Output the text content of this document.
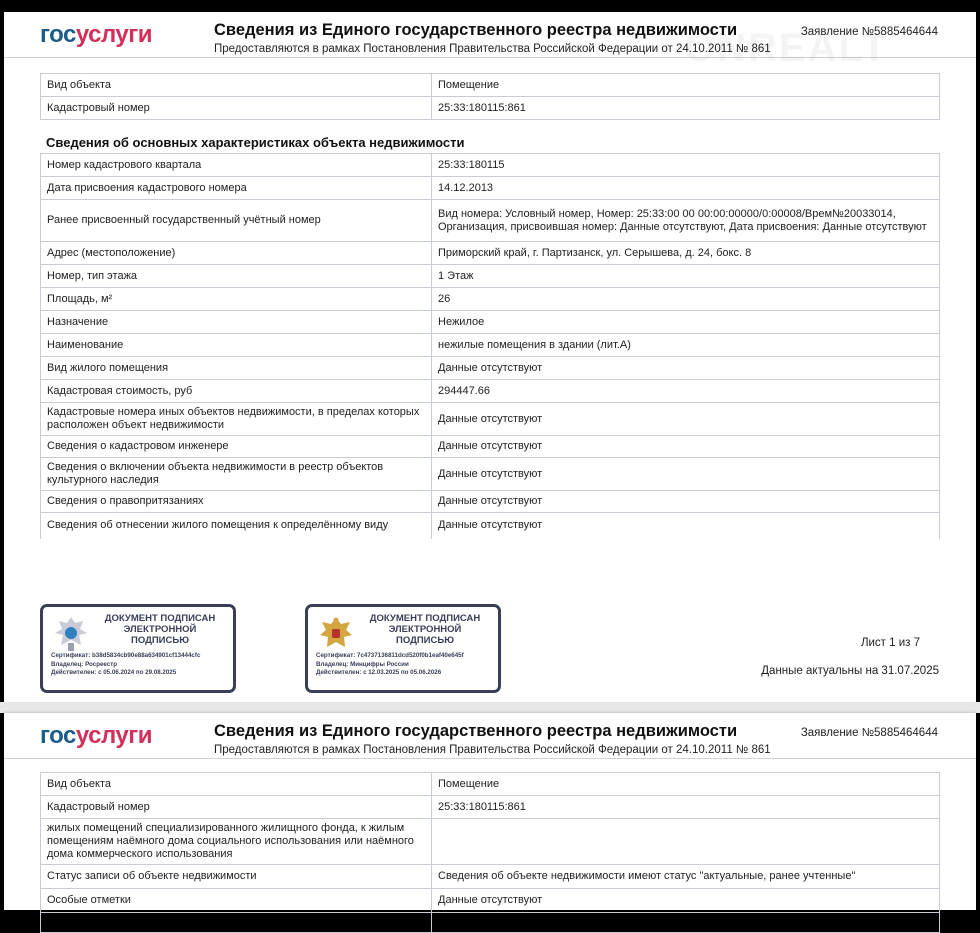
госуслуги	Сведения из Единого государственного реестра недвижимости
Предоставляются в рамках Постановления Правительства Российской Федерации от 24.10.2011 № 861
Заявление №5885464644
Вид объекта	Помещение
Кадастровый номер	25:33:180115:861
Сведения об основных характеристиках объекта недвижимости
Номер кадастрового квартала	25:33:180115
Дата присвоения кадастрового номера	14.12.2013
Ранее присвоенный государственный учётный номер	Вид номера: Условный номер, Номер: 25:33:00 00 00:00:00000/0:00008/Врем№20033014, Организация, присвоившая номер: Данные отсутствуют, Дата присвоения: Данные отсутствуют
Адрес (местоположение)	Приморский край, г. Партизанск, ул. Серышева, д. 24, бокс. 8
Номер, тип этажа	1 Этаж
Площадь, м²	26
Назначение	Нежилое
Наименование	нежилые помещения в здании (лит.А)
Вид жилого помещения	Данные отсутствуют
Кадастровая стоимость, руб	294447.66
Кадастровые номера иных объектов недвижимости, в пределах которых расположен объект недвижимости	Данные отсутствуют
Сведения о кадастровом инженере	Данные отсутствуют
Сведения о включении объекта недвижимости в реестр объектов культурного наследия	Данные отсутствуют
Сведения о правопритязаниях	Данные отсутствуют
Сведения об отнесении жилого помещения к определённому виду	Данные отсутствуют
ДОКУМЕНТ ПОДПИСАН
ЭЛЕКТРОННОЙ
ПОДПИСЬЮ
Сертификат: b38d5834cb90e88a634901cf13444cfc
Владелец: Росреестр
Действителен: с 05.06.2024 по 29.08.2025
ДОКУМЕНТ ПОДПИСАН
ЭЛЕКТРОННОЙ
ПОДПИСЬЮ
Сертификат: 7c4737136811dcd520f0b1eaf40e645f
Владелец: Минцифры России
Действителен: с 12.03.2025 по 05.06.2026
Лист 1 из 7
Данные актуальны на 31.07.2025
госуслуги	Сведения из Единого государственного реестра недвижимости
Предоставляются в рамках Постановления Правительства Российской Федерации от 24.10.2011 № 861
Заявление №5885464644
Вид объекта	Помещение
Кадастровый номер	25:33:180115:861
жилых помещений специализированного жилищного фонда, к жилым помещениям наёмного дома социального использования или наёмного дома коммерческого использования	
Статус записи об объекте недвижимости	Сведения об объекте недвижимости имеют статус "актуальные, ранее учтенные"
Особые отметки	Данные отсутствуют
